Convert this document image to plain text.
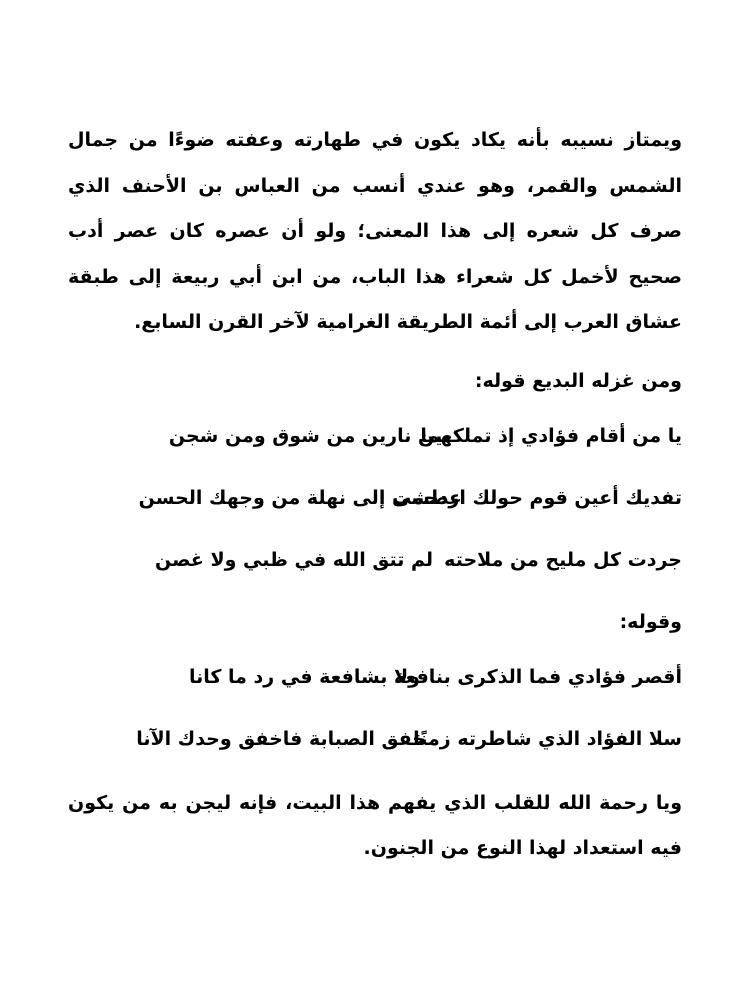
ويمتاز نسيبه بأنه يكاد يكون في طهارته وعفته ضوءًا من جمال الشمس والقمر، وهو عندي أنسب من العباس بن الأحنف الذي صرف كل شعره إلى هذا المعنى؛ ولو أن عصره كان عصر أدب صحيح لأخمل كل شعراء هذا الباب، من ابن أبي ربيعة إلى طبقة عشاق العرب إلى أئمة الطريقة الغرامية لآخر القرن السابع.

ومن غزله البديع قوله:

يا من أقام فؤادي إذ تملكهمابين نارين من شوق ومن شجن
تفديك أعين قوم حولك ازدحمتعطشى إلى نهلة من وجهك الحسن
جردت كل مليح من ملاحتهلم تتق الله في ظبي ولا غصن

وقوله:

أقصر فؤادي فما الذكرى بنافعةولا بشافعة في رد ما كانا
سلا الفؤاد الذي شاطرته زمنًاخفق الصبابة فاخفق وحدك الآنا

ويا رحمة الله للقلب الذي يفهم هذا البيت، فإنه ليجن به من يكون فيه استعداد لهذا النوع من الجنون.
